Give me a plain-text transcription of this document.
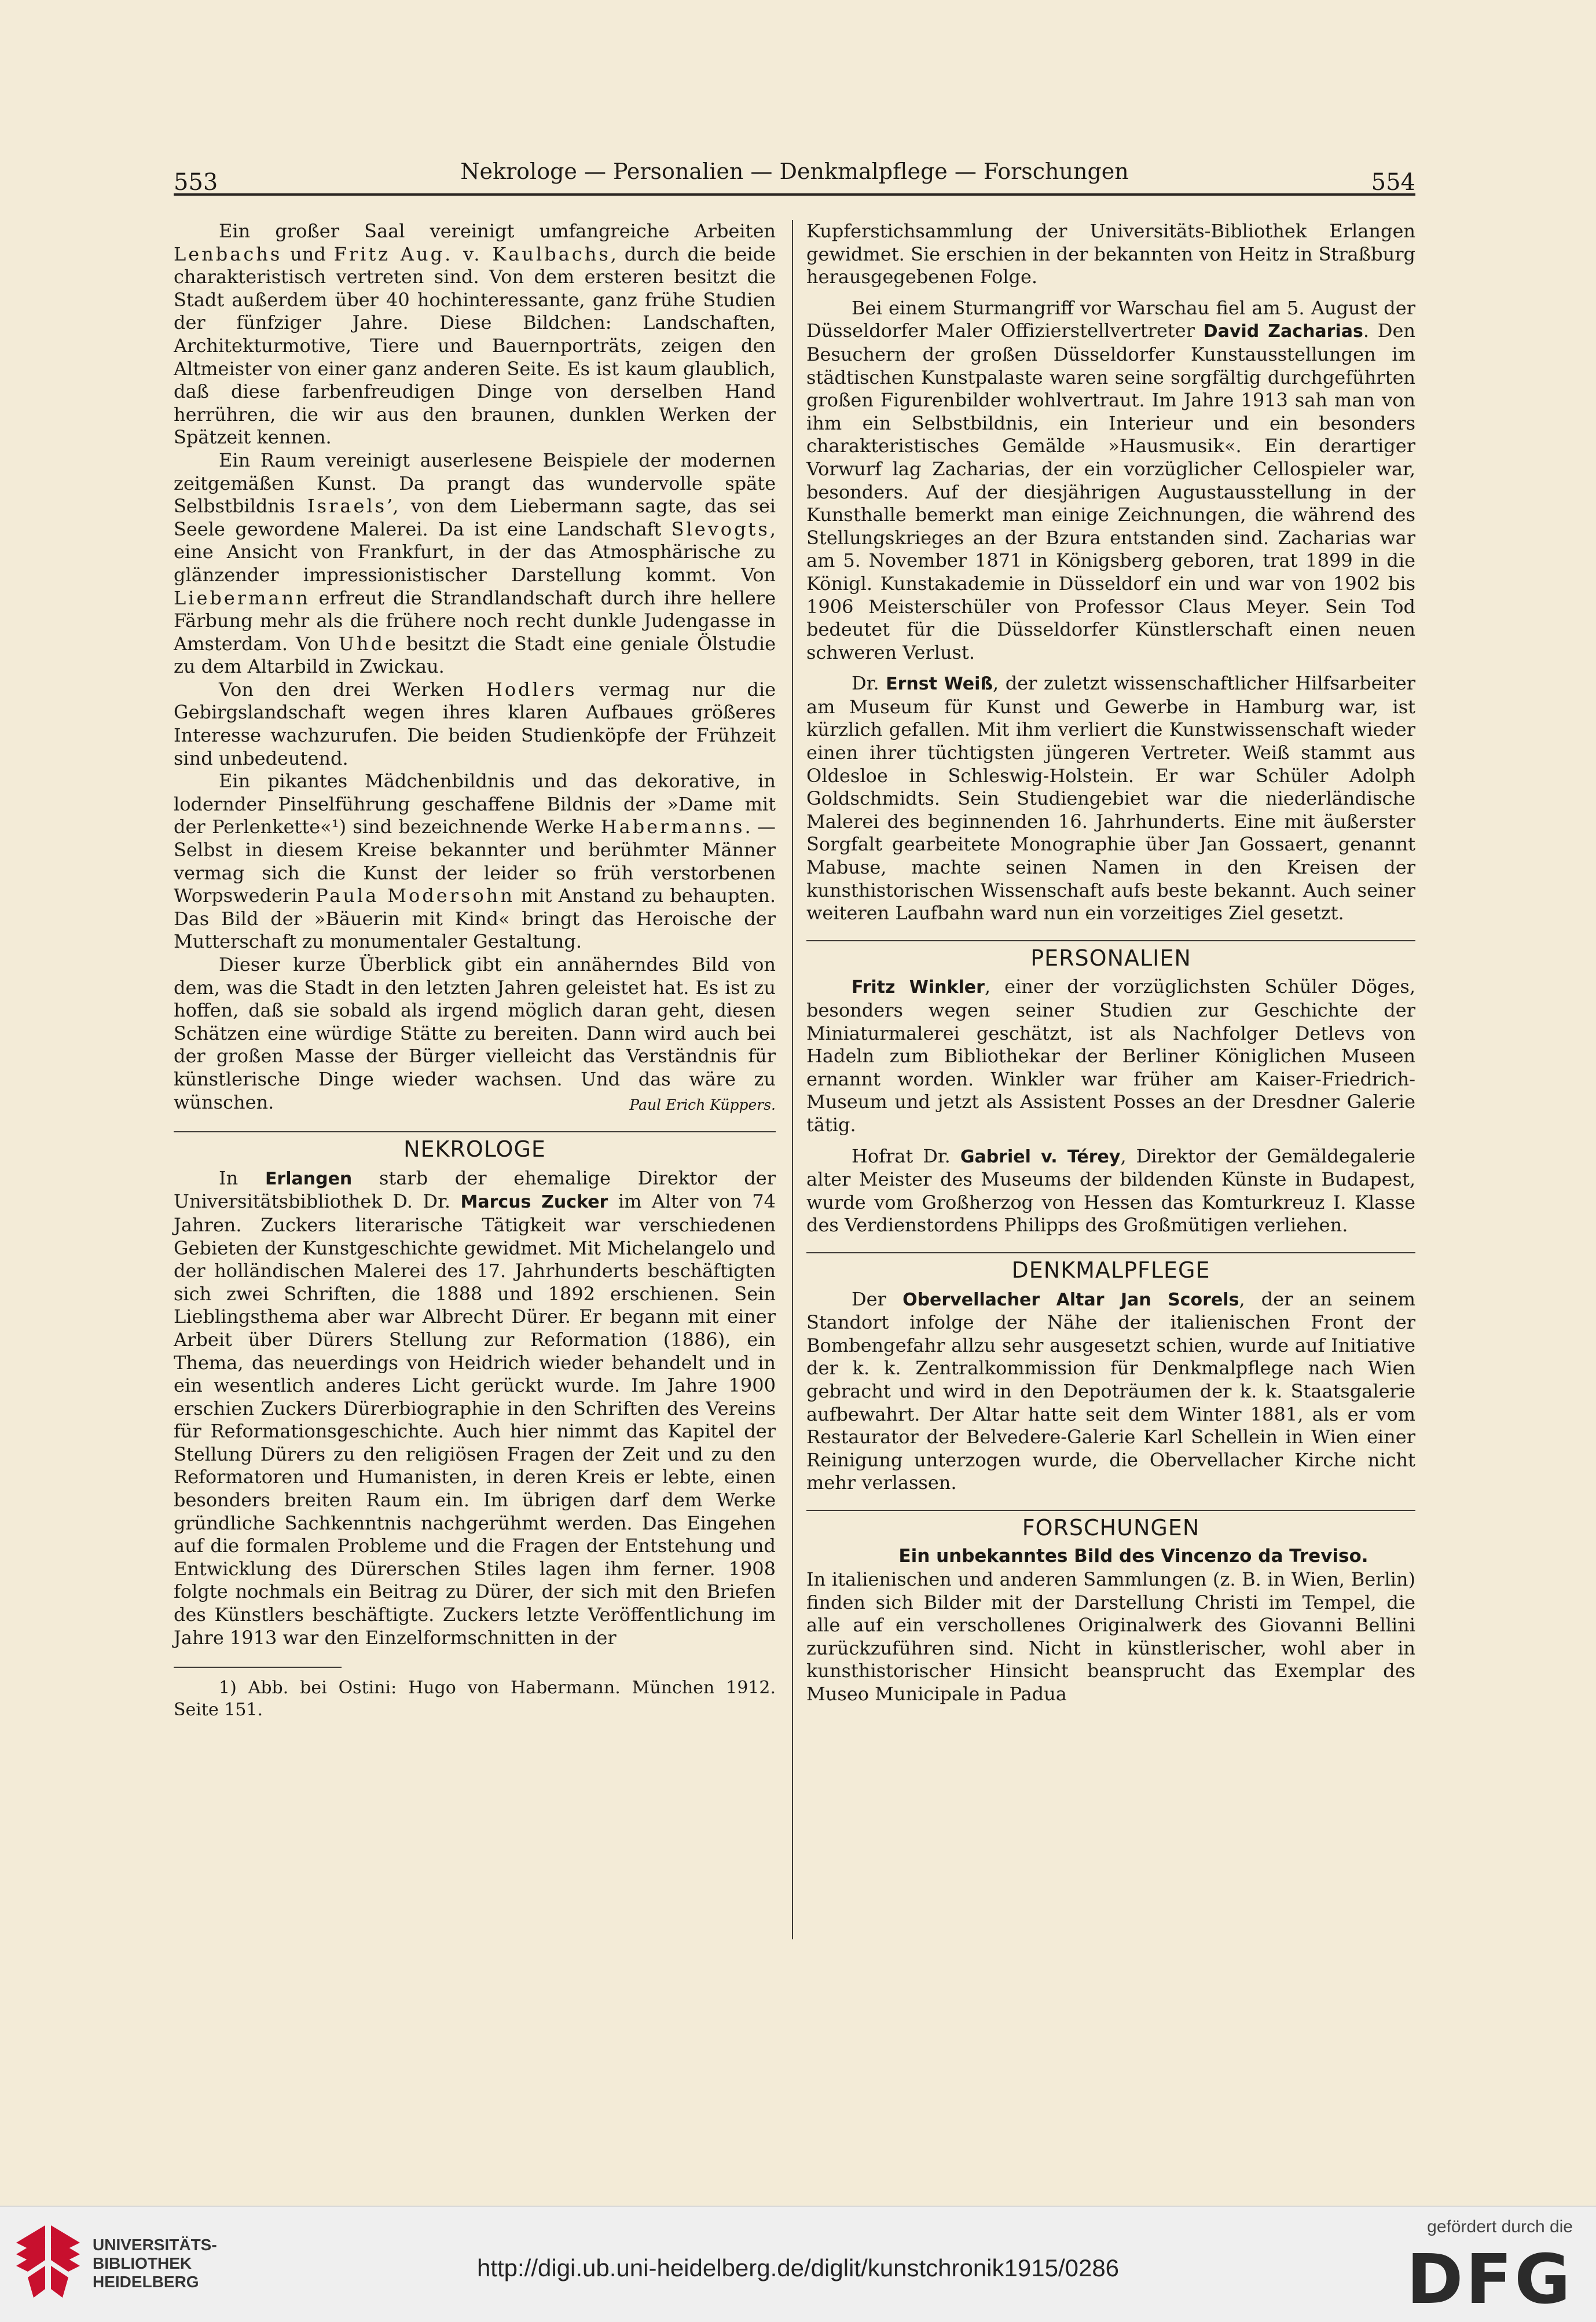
553	Nekrologe — Personalien — Denkmalpflege — Forschungen	554

Ein großer Saal vereinigt umfangreiche Arbeiten Lenbachs und Fritz Aug. v. Kaulbachs, durch die beide charakteristisch vertreten sind. Von dem ersteren besitzt die Stadt außerdem über 40 hochinteressante, ganz frühe Studien der fünfziger Jahre. Diese Bildchen: Landschaften, Architekturmotive, Tiere und Bauernporträts, zeigen den Altmeister von einer ganz anderen Seite. Es ist kaum glaublich, daß diese farbenfreudigen Dinge von derselben Hand herrühren, die wir aus den braunen, dunklen Werken der Spätzeit kennen.

Ein Raum vereinigt auserlesene Beispiele der modernen zeitgemäßen Kunst. Da prangt das wundervolle späte Selbstbildnis Israels’, von dem Liebermann sagte, das sei Seele gewordene Malerei. Da ist eine Landschaft Slevogts, eine Ansicht von Frankfurt, in der das Atmosphärische zu glänzender impressionistischer Darstellung kommt. Von Liebermann erfreut die Strandlandschaft durch ihre hellere Färbung mehr als die frühere noch recht dunkle Judengasse in Amsterdam. Von Uhde besitzt die Stadt eine geniale Ölstudie zu dem Altarbild in Zwickau.

Von den drei Werken Hodlers vermag nur die Gebirgslandschaft wegen ihres klaren Aufbaues größeres Interesse wachzurufen. Die beiden Studienköpfe der Frühzeit sind unbedeutend.

Ein pikantes Mädchenbildnis und das dekorative, in lodernder Pinselführung geschaffene Bildnis der »Dame mit der Perlenkette«¹) sind bezeichnende Werke Habermanns. — Selbst in diesem Kreise bekannter und berühmter Männer vermag sich die Kunst der leider so früh verstorbenen Worpswederin Paula Modersohn mit Anstand zu behaupten. Das Bild der »Bäuerin mit Kind« bringt das Heroische der Mutterschaft zu monumentaler Gestaltung.

Dieser kurze Überblick gibt ein annäherndes Bild von dem, was die Stadt in den letzten Jahren geleistet hat. Es ist zu hoffen, daß sie sobald als irgend möglich daran geht, diesen Schätzen eine würdige Stätte zu bereiten. Dann wird auch bei der großen Masse der Bürger vielleicht das Verständnis für künstlerische Dinge wieder wachsen. Und das wäre zu wünschen.	Paul Erich Küppers.

NEKROLOGE

In Erlangen starb der ehemalige Direktor der Universitätsbibliothek D. Dr. Marcus Zucker im Alter von 74 Jahren. Zuckers literarische Tätigkeit war verschiedenen Gebieten der Kunstgeschichte gewidmet. Mit Michelangelo und der holländischen Malerei des 17. Jahrhunderts beschäftigten sich zwei Schriften, die 1888 und 1892 erschienen. Sein Lieblingsthema aber war Albrecht Dürer. Er begann mit einer Arbeit über Dürers Stellung zur Reformation (1886), ein Thema, das neuerdings von Heidrich wieder behandelt und in ein wesentlich anderes Licht gerückt wurde. Im Jahre 1900 erschien Zuckers Dürerbiographie in den Schriften des Vereins für Reformationsgeschichte. Auch hier nimmt das Kapitel der Stellung Dürers zu den religiösen Fragen der Zeit und zu den Reformatoren und Humanisten, in deren Kreis er lebte, einen besonders breiten Raum ein. Im übrigen darf dem Werke gründliche Sachkenntnis nachgerühmt werden. Das Eingehen auf die formalen Probleme und die Fragen der Entstehung und Entwicklung des Dürerschen Stiles lagen ihm ferner. 1908 folgte nochmals ein Beitrag zu Dürer, der sich mit den Briefen des Künstlers beschäftigte. Zuckers letzte Veröffentlichung im Jahre 1913 war den Einzelformschnitten in der

1) Abb. bei Ostini: Hugo von Habermann. München 1912. Seite 151.

Kupferstichsammlung der Universitäts-Bibliothek Erlangen gewidmet. Sie erschien in der bekannten von Heitz in Straßburg herausgegebenen Folge.

Bei einem Sturmangriff vor Warschau fiel am 5. August der Düsseldorfer Maler Offizierstellvertreter David Zacharias. Den Besuchern der großen Düsseldorfer Kunstausstellungen im städtischen Kunstpalaste waren seine sorgfältig durchgeführten großen Figurenbilder wohlvertraut. Im Jahre 1913 sah man von ihm ein Selbstbildnis, ein Interieur und ein besonders charakteristisches Gemälde »Hausmusik«. Ein derartiger Vorwurf lag Zacharias, der ein vorzüglicher Cellospieler war, besonders. Auf der diesjährigen Augustausstellung in der Kunsthalle bemerkt man einige Zeichnungen, die während des Stellungskrieges an der Bzura entstanden sind. Zacharias war am 5. November 1871 in Königsberg geboren, trat 1899 in die Königl. Kunstakademie in Düsseldorf ein und war von 1902 bis 1906 Meisterschüler von Professor Claus Meyer. Sein Tod bedeutet für die Düsseldorfer Künstlerschaft einen neuen schweren Verlust.

Dr. Ernst Weiß, der zuletzt wissenschaftlicher Hilfsarbeiter am Museum für Kunst und Gewerbe in Hamburg war, ist kürzlich gefallen. Mit ihm verliert die Kunstwissenschaft wieder einen ihrer tüchtigsten jüngeren Vertreter. Weiß stammt aus Oldesloe in Schleswig-Holstein. Er war Schüler Adolph Goldschmidts. Sein Studiengebiet war die niederländische Malerei des beginnenden 16. Jahrhunderts. Eine mit äußerster Sorgfalt gearbeitete Monographie über Jan Gossaert, genannt Mabuse, machte seinen Namen in den Kreisen der kunsthistorischen Wissenschaft aufs beste bekannt. Auch seiner weiteren Laufbahn ward nun ein vorzeitiges Ziel gesetzt.

PERSONALIEN

Fritz Winkler, einer der vorzüglichsten Schüler Döges, besonders wegen seiner Studien zur Geschichte der Miniaturmalerei geschätzt, ist als Nachfolger Detlevs von Hadeln zum Bibliothekar der Berliner Königlichen Museen ernannt worden. Winkler war früher am Kaiser-Friedrich-Museum und jetzt als Assistent Posses an der Dresdner Galerie tätig.

Hofrat Dr. Gabriel v. Térey, Direktor der Gemäldegalerie alter Meister des Museums der bildenden Künste in Budapest, wurde vom Großherzog von Hessen das Komturkreuz I. Klasse des Verdienstordens Philipps des Großmütigen verliehen.

DENKMALPFLEGE

Der Obervellacher Altar Jan Scorels, der an seinem Standort infolge der Nähe der italienischen Front der Bombengefahr allzu sehr ausgesetzt schien, wurde auf Initiative der k. k. Zentralkommission für Denkmalpflege nach Wien gebracht und wird in den Depoträumen der k. k. Staatsgalerie aufbewahrt. Der Altar hatte seit dem Winter 1881, als er vom Restaurator der Belvedere-Galerie Karl Schellein in Wien einer Reinigung unterzogen wurde, die Obervellacher Kirche nicht mehr verlassen.

FORSCHUNGEN

Ein unbekanntes Bild des Vincenzo da Treviso.

In italienischen und anderen Sammlungen (z. B. in Wien, Berlin) finden sich Bilder mit der Darstellung Christi im Tempel, die alle auf ein verschollenes Originalwerk des Giovanni Bellini zurückzuführen sind. Nicht in künstlerischer, wohl aber in kunsthistorischer Hinsicht beansprucht das Exemplar des Museo Municipale in Padua

UNIVERSITÄTS-
BIBLIOTHEK
HEIDELBERG
http://digi.ub.uni-heidelberg.de/diglit/kunstchronik1915/0286
gefördert durch die
DFG
